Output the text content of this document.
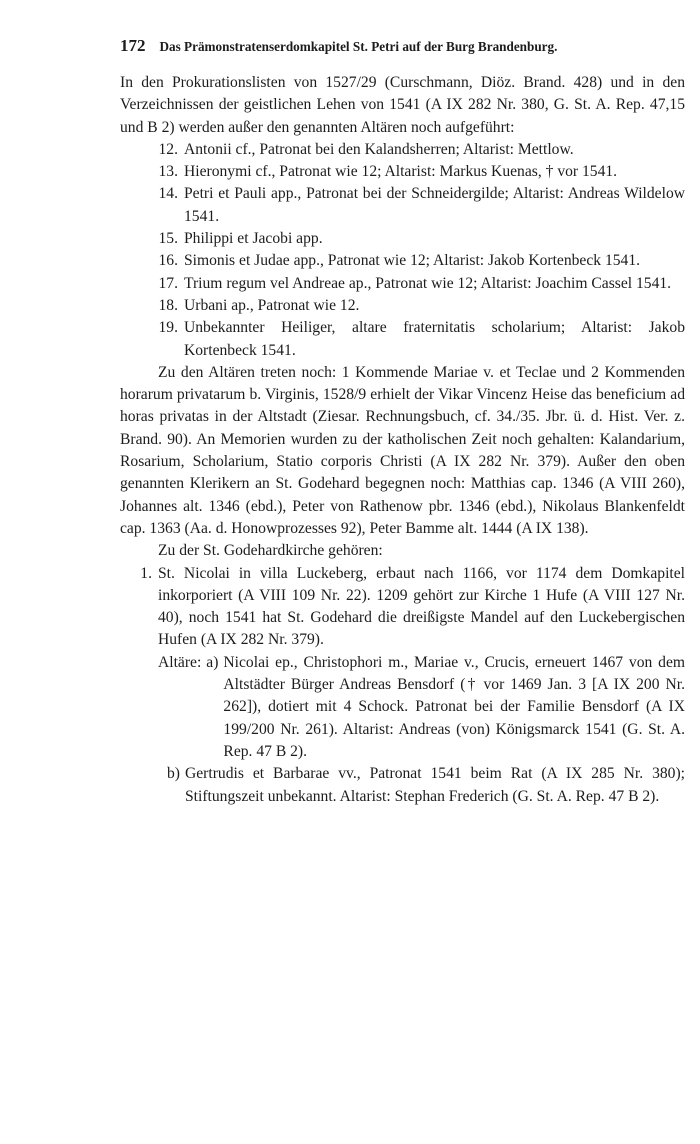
172 Das Prämonstratenserdomkapitel St. Petri auf der Burg Brandenburg.

In den Prokurationslisten von 1527/29 (Curschmann, Diöz. Brand. 428) und in den Verzeichnissen der geistlichen Lehen von 1541 (A IX 282 Nr. 380, G. St. A. Rep. 47,15 und B 2) werden außer den genannten Altären noch aufgeführt:

12. Antonii cf., Patronat bei den Kalandsherren; Altarist: Mettlow.
13. Hieronymi cf., Patronat wie 12; Altarist: Markus Kuenas, † vor 1541.
14. Petri et Pauli app., Patronat bei der Schneidergilde; Altarist: Andreas Wildelow 1541.
15. Philippi et Jacobi app.
16. Simonis et Judae app., Patronat wie 12; Altarist: Jakob Kortenbeck 1541.
17. Trium regum vel Andreae ap., Patronat wie 12; Altarist: Joachim Cassel 1541.
18. Urbani ap., Patronat wie 12.
19. Unbekannter Heiliger, altare fraternitatis scholarium; Altarist: Jakob Kortenbeck 1541.

Zu den Altären treten noch: 1 Kommende Mariae v. et Teclae und 2 Kommenden horarum privatarum b. Virginis, 1528/9 erhielt der Vikar Vincenz Heise das beneficium ad horas privatas in der Altstadt (Ziesar. Rechnungsbuch, cf. 34./35. Jbr. ü. d. Hist. Ver. z. Brand. 90). An Memorien wurden zu der katholischen Zeit noch gehalten: Kalandarium, Rosarium, Scholarium, Statio corporis Christi (A IX 282 Nr. 379). Außer den oben genannten Klerikern an St. Godehard begegnen noch: Matthias cap. 1346 (A VIII 260), Johannes alt. 1346 (ebd.), Peter von Rathenow pbr. 1346 (ebd.), Nikolaus Blankenfeldt cap. 1363 (Aa. d. Honowprozesses 92), Peter Bamme alt. 1444 (A IX 138).

Zu der St. Godehardkirche gehören:

1. St. Nicolai in villa Luckeberg, erbaut nach 1166, vor 1174 dem Domkapitel inkorporiert (A VIII 109 Nr. 22). 1209 gehört zur Kirche 1 Hufe (A VIII 127 Nr. 40), noch 1541 hat St. Godehard die dreißigste Mandel auf den Luckebergischen Hufen (A IX 282 Nr. 379).
Altäre: a) Nicolai ep., Christophori m., Mariae v., Crucis, erneuert 1467 von dem Altstädter Bürger Andreas Bensdorf († vor 1469 Jan. 3 [A IX 200 Nr. 262]), dotiert mit 4 Schock. Patronat bei der Familie Bensdorf (A IX 199/200 Nr. 261). Altarist: Andreas (von) Königsmarck 1541 (G. St. A. Rep. 47 B 2).
b) Gertrudis et Barbarae vv., Patronat 1541 beim Rat (A IX 285 Nr. 380); Stiftungszeit unbekannt. Altarist: Stephan Frederich (G. St. A. Rep. 47 B 2).
